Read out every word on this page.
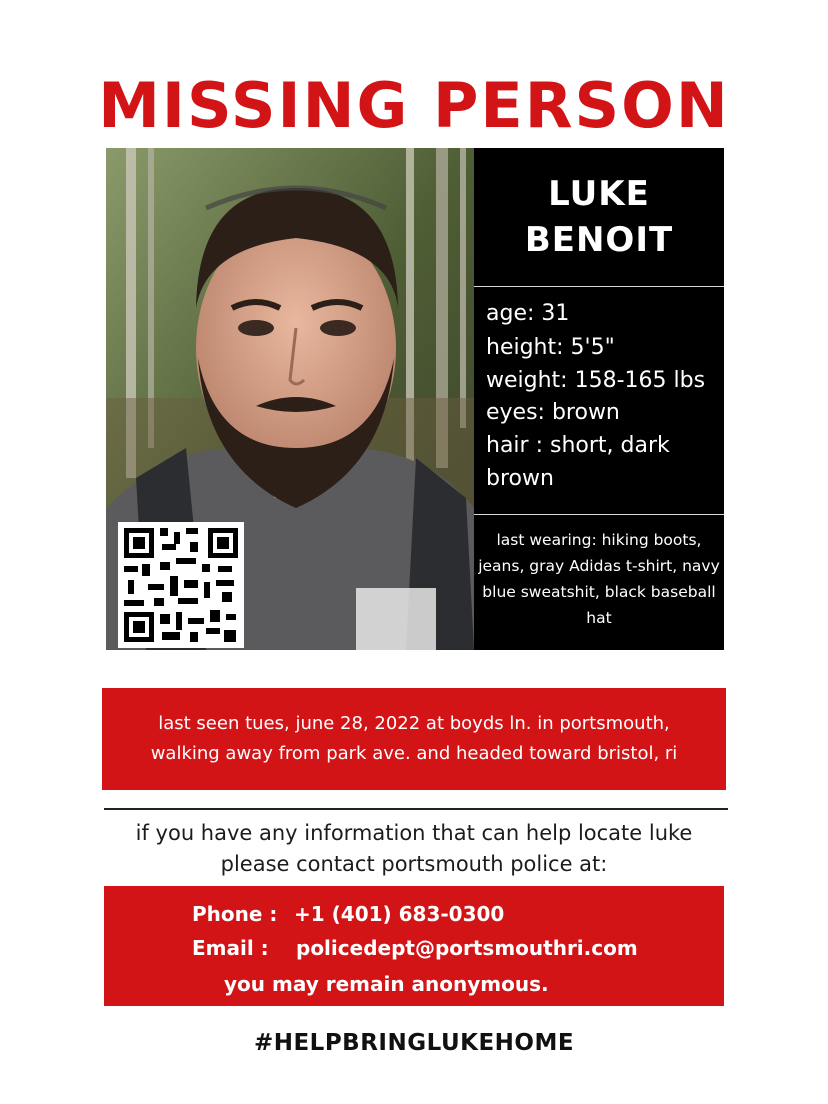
MISSING PERSON
LUKE
BENOIT
age: 31
height: 5'5"
weight: 158-165 lbs
eyes: brown
hair : short, dark brown
last wearing: hiking boots, jeans, gray Adidas t-shirt, navy blue sweatshit, black baseball hat
last seen tues, june 28, 2022 at boyds ln. in portsmouth,
walking away from park ave. and headed toward bristol, ri
if you have any information that can help locate luke
please contact portsmouth police at:
Phone : +1 (401) 683-0300
Email : policedept@portsmouthri.com
you may remain anonymous.
#HELPBRINGLUKEHOME
